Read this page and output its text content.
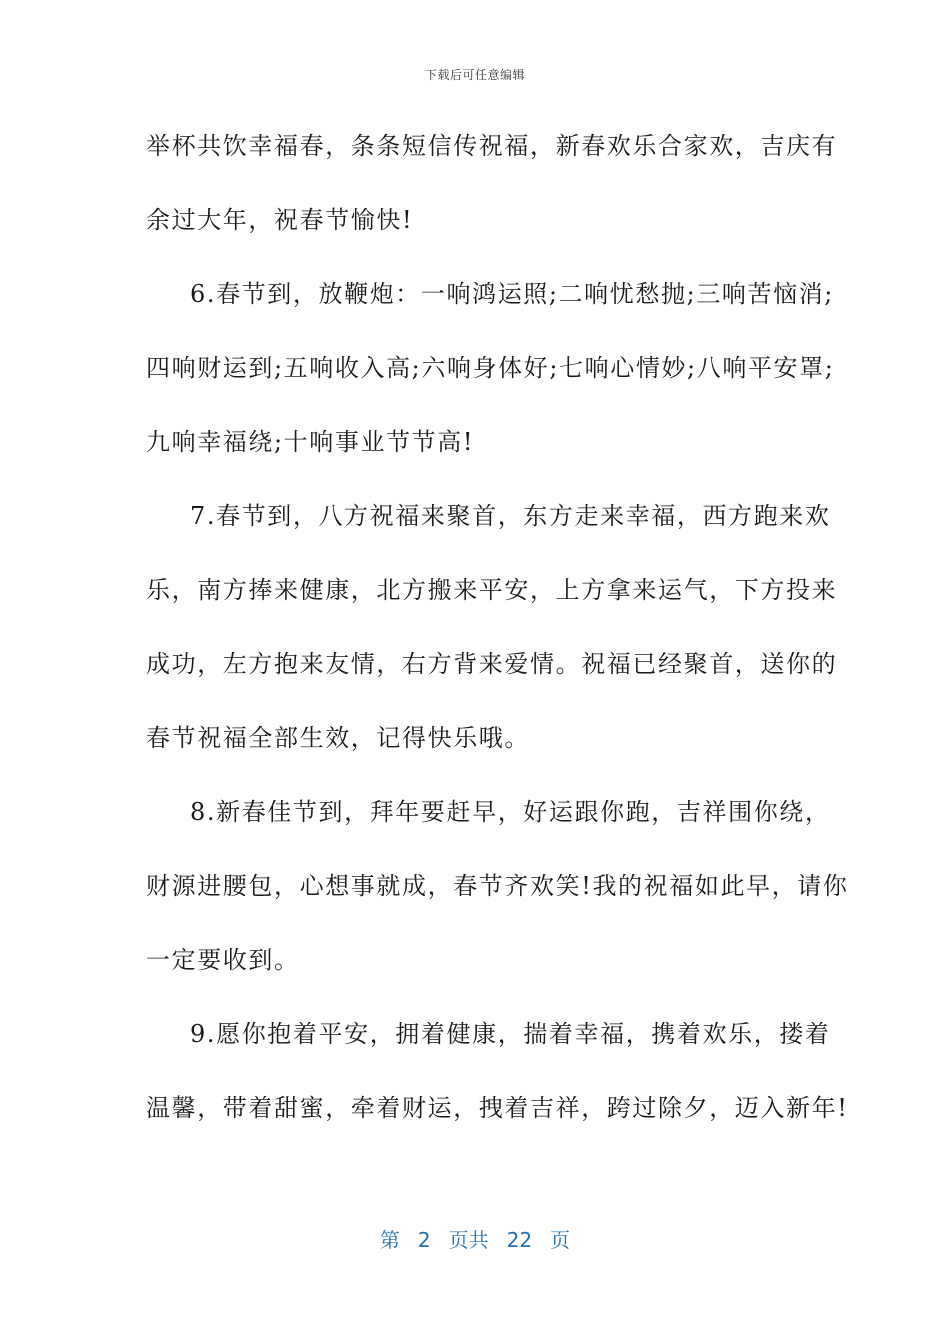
下载后可任意编辑
举杯共饮幸福春，条条短信传祝福，新春欢乐合家欢，吉庆有
余过大年，祝春节愉快!
6.春节到，放鞭炮：一响鸿运照;二响忧愁抛;三响苦恼消;
四响财运到;五响收入高;六响身体好;七响心情妙;八响平安罩;
九响幸福绕;十响事业节节高!
7.春节到，八方祝福来聚首，东方走来幸福，西方跑来欢
乐，南方捧来健康，北方搬来平安，上方拿来运气，下方投来
成功，左方抱来友情，右方背来爱情。祝福已经聚首，送你的
春节祝福全部生效，记得快乐哦。
8.新春佳节到，拜年要赶早，好运跟你跑，吉祥围你绕，
财源进腰包，心想事就成，春节齐欢笑!我的祝福如此早，请你
一定要收到。
9.愿你抱着平安，拥着健康，揣着幸福，携着欢乐，搂着
温馨，带着甜蜜，牵着财运，拽着吉祥，跨过除夕，迈入新年!
第 2 页共 22 页
